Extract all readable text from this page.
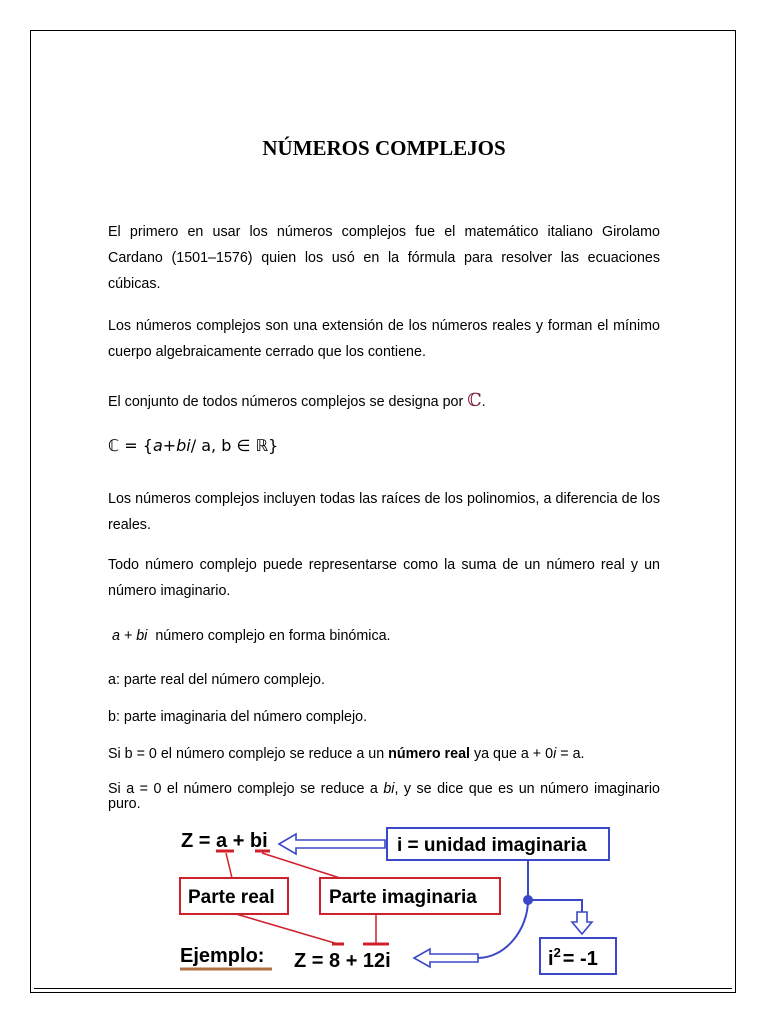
NÚMEROS COMPLEJOS

El primero en usar los números complejos fue el matemático italiano Girolamo Cardano (1501–1576) quien los usó en la fórmula para resolver las ecuaciones cúbicas.

Los números complejos son una extensión de los números reales y forman el mínimo cuerpo algebraicamente cerrado que los contiene.

El conjunto de todos números complejos se designa por ℂ.

ℂ = {a+bi/ a, b ∈ ℝ}

Los números complejos incluyen todas las raíces de los polinomios, a diferencia de los reales.

Todo número complejo puede representarse como la suma de un número real y un número imaginario.

a + bi número complejo en forma binómica.

a: parte real del número complejo.

b: parte imaginaria del número complejo.

Si b = 0 el número complejo se reduce a un número real ya que a + 0i = a.

Si a = 0 el número complejo se reduce a bi, y se dice que es un número imaginario puro.

Z = a + bi	i = unidad imaginaria
Parte real	Parte imaginaria
Ejemplo: Z = 8 + 12i	$i^2 = -1$
